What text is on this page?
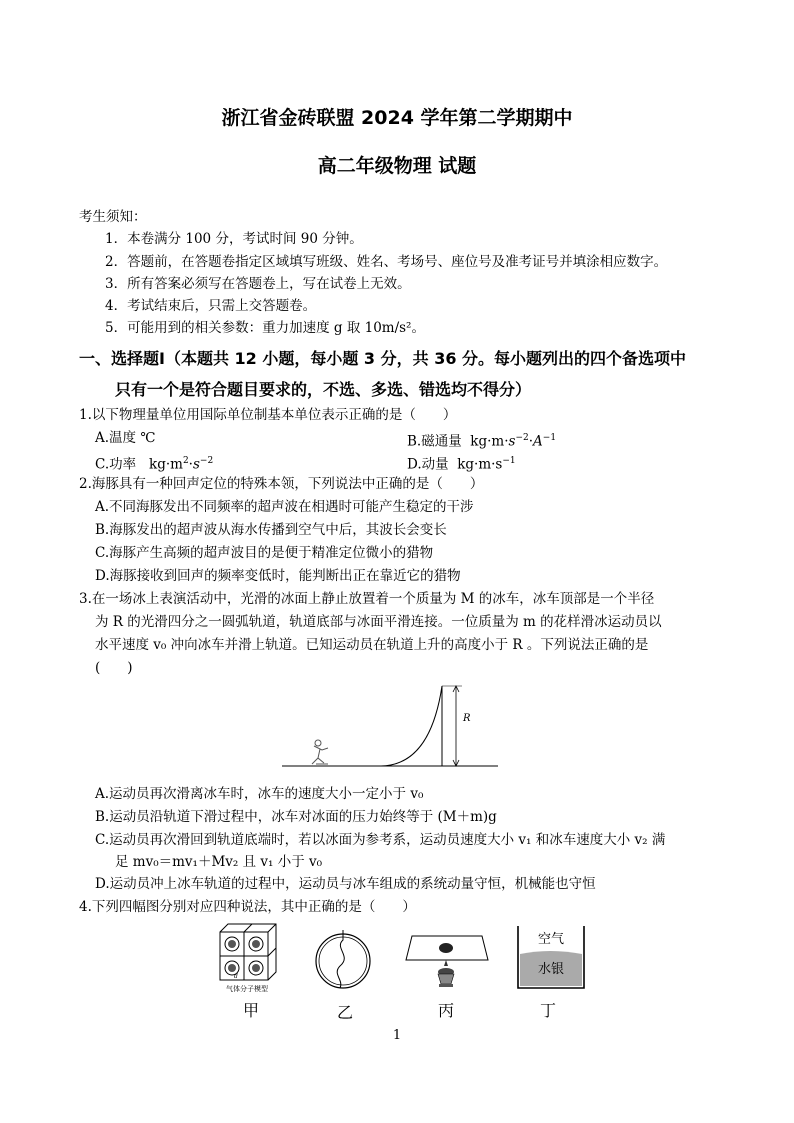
浙江省金砖联盟 2024 学年第二学期期中
高二年级物理 试题
考生须知：
1．本卷满分 100 分，考试时间 90 分钟。
2．答题前，在答题卷指定区域填写班级、姓名、考场号、座位号及准考证号并填涂相应数字。
3．所有答案必须写在答题卷上，写在试卷上无效。
4．考试结束后，只需上交答题卷。
5．可能用到的相关参数：重力加速度 g 取 10m/s²。
一、选择题Ⅰ（本题共 12 小题，每小题 3 分，共 36 分。每小题列出的四个备选项中
只有一个是符合题目要求的，不选、多选、错选均不得分）
1.以下物理量单位用国际单位制基本单位表示正确的是（　　）
A.温度 ℃	B.磁通量  $kg\cdot m\cdot s^{-2}\cdot A^{-1}$
C.功率   $kg\cdot m^2\cdot s^{-2}$	D.动量  $kg\cdot m\cdot s^{-1}$
2.海豚具有一种回声定位的特殊本领，下列说法中正确的是（　　）
A.不同海豚发出不同频率的超声波在相遇时可能产生稳定的干涉
B.海豚发出的超声波从海水传播到空气中后，其波长会变长
C.海豚产生高频的超声波目的是便于精准定位微小的猎物
D.海豚接收到回声的频率变低时，能判断出正在靠近它的猎物
3.在一场冰上表演活动中，光滑的冰面上静止放置着一个质量为 M 的冰车，冰车顶部是一个半径
为 R 的光滑四分之一圆弧轨道，轨道底部与冰面平滑连接。一位质量为 m 的花样滑冰运动员以
水平速度 v₀ 冲向冰车并滑上轨道。已知运动员在轨道上升的高度小于 R 。下列说法正确的是
(　　)
R
A.运动员再次滑离冰车时，冰车的速度大小一定小于 v₀
B.运动员沿轨道下滑过程中，冰车对冰面的压力始终等于 (M＋m)g
C.运动员再次滑回到轨道底端时，若以冰面为参考系，运动员速度大小 v₁ 和冰车速度大小 v₂ 满
足 mv₀＝mv₁＋Mv₂ 且 v₁ 小于 v₀
D.运动员冲上冰车轨道的过程中，运动员与冰车组成的系统动量守恒，机械能也守恒
4.下列四幅图分别对应四种说法，其中正确的是（　　）
d
气体分子模型
空气
水银
甲	乙	丙	丁
1
